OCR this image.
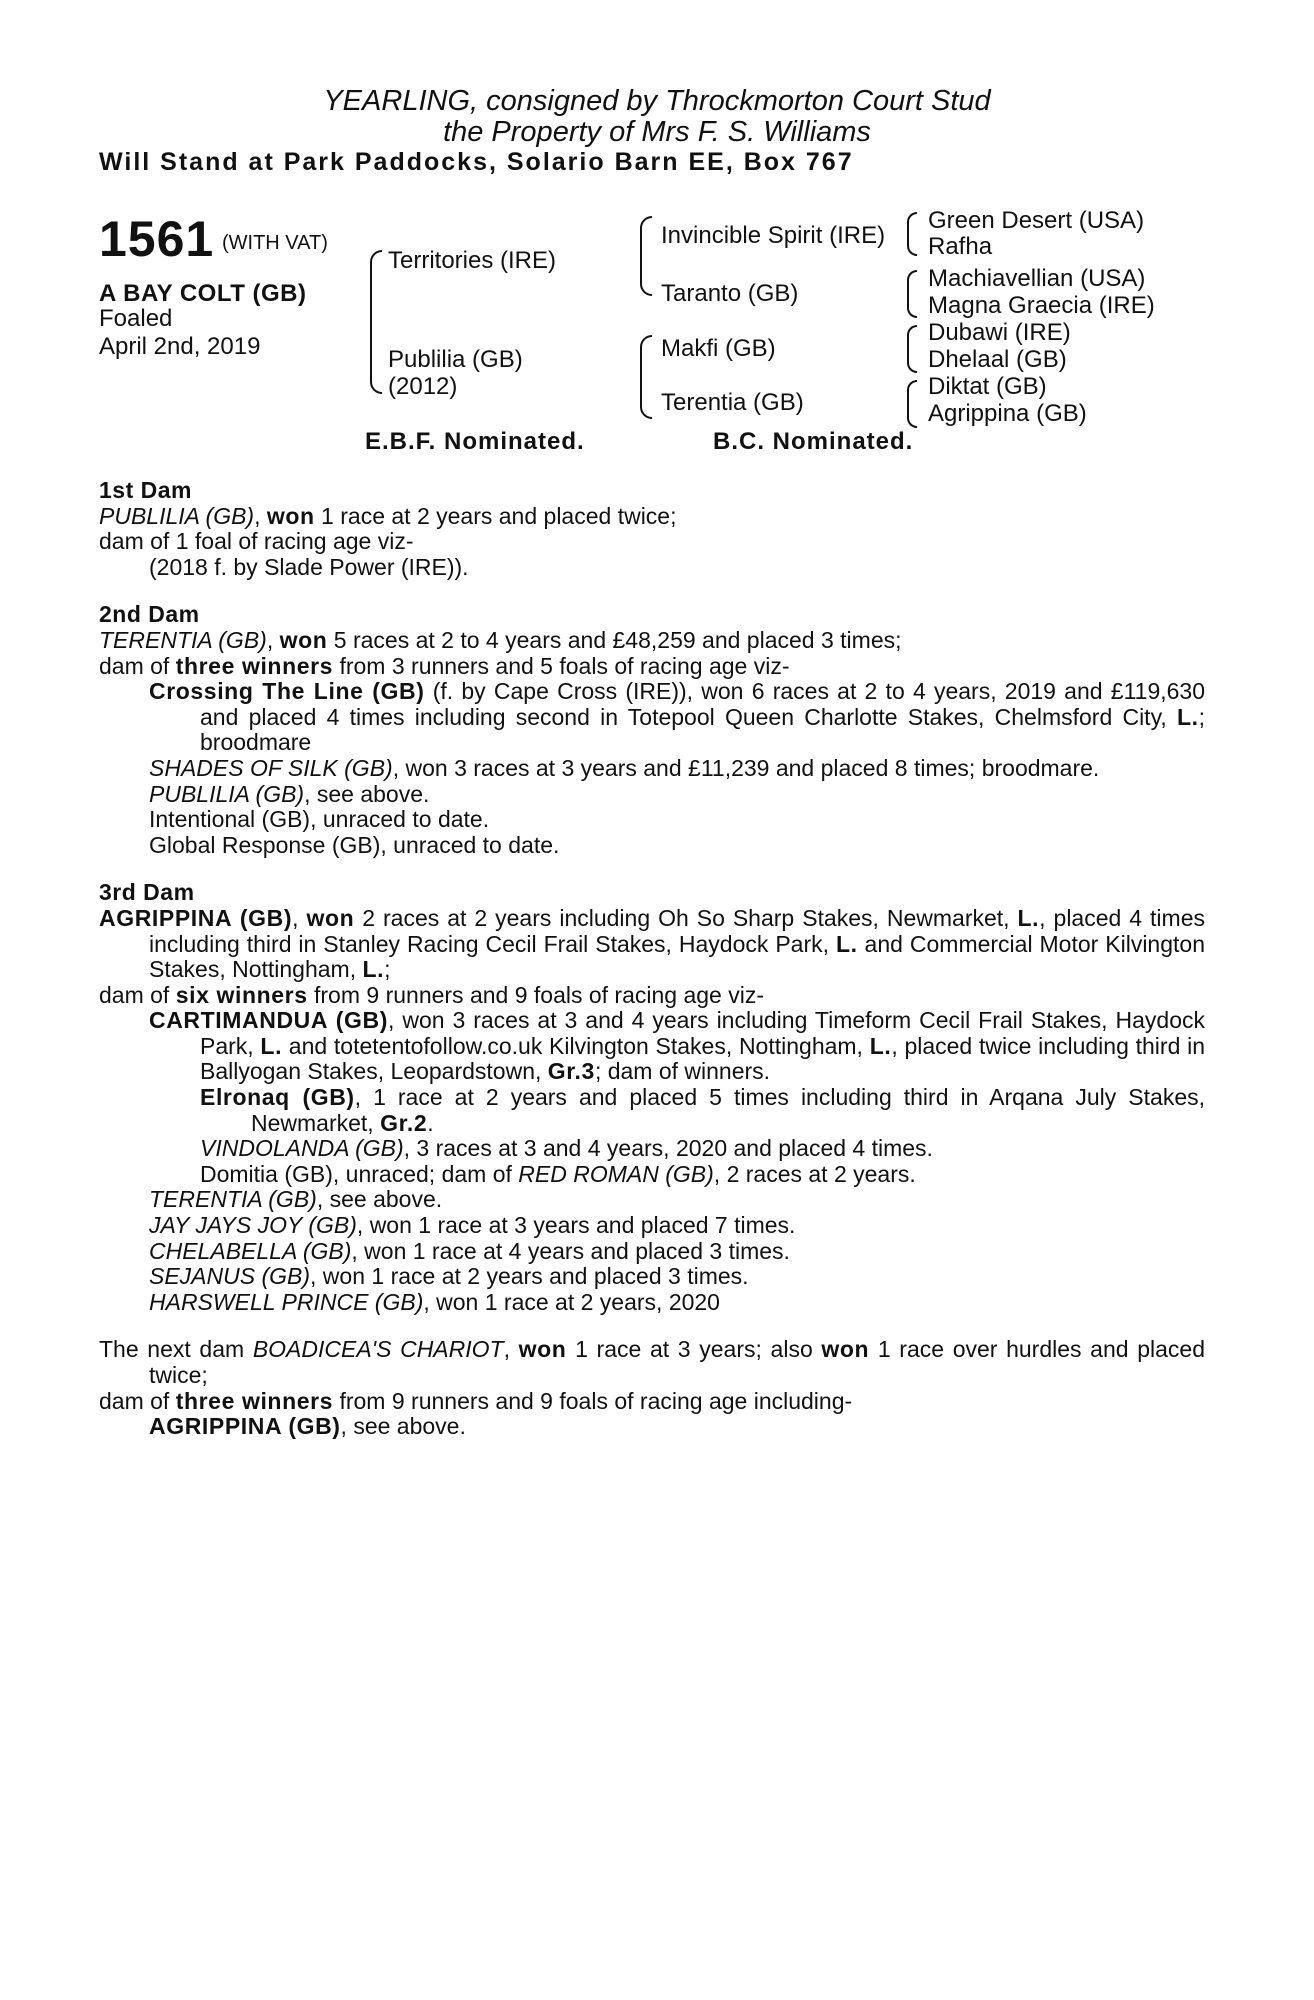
YEARLING, consigned by Throckmorton Court Stud
the Property of Mrs F. S. Williams
Will Stand at Park Paddocks, Solario Barn EE, Box 767
1561 (WITH VAT)
A BAY COLT (GB)
Foaled
April 2nd, 2019
Territories (IRE)
Publilia (GB)
(2012)
Invincible Spirit (IRE)
Taranto (GB)
Makfi (GB)
Terentia (GB)
Green Desert (USA)
Rafha
Machiavellian (USA)
Magna Graecia (IRE)
Dubawi (IRE)
Dhelaal (GB)
Diktat (GB)
Agrippina (GB)
E.B.F. Nominated.	B.C. Nominated.

1st Dam

PUBLILIA (GB), won 1 race at 2 years and placed twice;

dam of 1 foal of racing age viz-

(2018 f. by Slade Power (IRE)).

2nd Dam

TERENTIA (GB), won 5 races at 2 to 4 years and £48,259 and placed 3 times;

dam of three winners from 3 runners and 5 foals of racing age viz-

Crossing The Line (GB) (f. by Cape Cross (IRE)), won 6 races at 2 to 4 years, 2019 and £119,630 and placed 4 times including second in Totepool Queen Charlotte Stakes, Chelmsford City, L.; broodmare

SHADES OF SILK (GB), won 3 races at 3 years and £11,239 and placed 8 times; broodmare.

PUBLILIA (GB), see above.

Intentional (GB), unraced to date.

Global Response (GB), unraced to date.

3rd Dam

AGRIPPINA (GB), won 2 races at 2 years including Oh So Sharp Stakes, Newmarket, L., placed 4 times including third in Stanley Racing Cecil Frail Stakes, Haydock Park, L. and Commercial Motor Kilvington Stakes, Nottingham, L.;

dam of six winners from 9 runners and 9 foals of racing age viz-

CARTIMANDUA (GB), won 3 races at 3 and 4 years including Timeform Cecil Frail Stakes, Haydock Park, L. and totetentofollow.co.uk Kilvington Stakes, Nottingham, L., placed twice including third in Ballyogan Stakes, Leopardstown, Gr.3; dam of winners.

Elronaq (GB), 1 race at 2 years and placed 5 times including third in Arqana July Stakes, Newmarket, Gr.2.

VINDOLANDA (GB), 3 races at 3 and 4 years, 2020 and placed 4 times.

Domitia (GB), unraced; dam of RED ROMAN (GB), 2 races at 2 years.

TERENTIA (GB), see above.

JAY JAYS JOY (GB), won 1 race at 3 years and placed 7 times.

CHELABELLA (GB), won 1 race at 4 years and placed 3 times.

SEJANUS (GB), won 1 race at 2 years and placed 3 times.

HARSWELL PRINCE (GB), won 1 race at 2 years, 2020

The next dam BOADICEA'S CHARIOT, won 1 race at 3 years; also won 1 race over hurdles and placed twice;

dam of three winners from 9 runners and 9 foals of racing age including-

AGRIPPINA (GB), see above.
